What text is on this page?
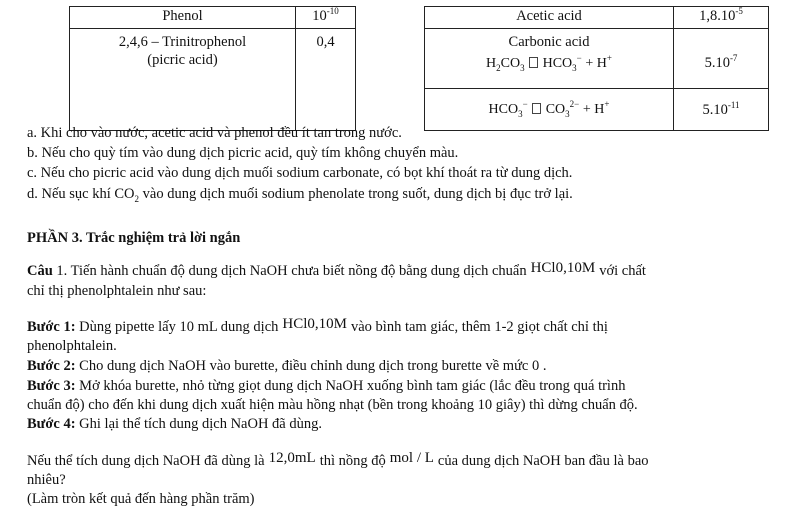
Phenol	$10^{-10}$

2,4,6 – Trinitrophenol
(picric acid)	0,4
Acetic acid	$1,8.10^{-5}$

Carbonic acid
$H_2CO_3$ $HCO_3^- + H^+$	$5.10^{-7}$

$HCO_3^-$ $CO_3^{2-} + H^+$	$5.10^{-11}$
a. Khi cho vào nước, acetic acid và phenol đều ít tan trong nước.
b. Nếu cho quỳ tím vào dung dịch picric acid, quỳ tím không chuyển màu.
c. Nếu cho picric acid vào dung dịch muối sodium carbonate, có bọt khí thoát ra từ dung dịch.
d. Nếu sục khí $CO_2$ vào dung dịch muối sodium phenolate trong suốt, dung dịch bị đục trở lại.
PHẦN 3. Trắc nghiệm trả lời ngắn
Câu 1. Tiến hành chuẩn độ dung dịch NaOH chưa biết nồng độ bằng dung dịch chuẩn HCl0,10M với chất
chỉ thị phenolphtalein như sau:
Bước 1: Dùng pipette lấy 10 mL dung dịch HCl0,10M vào bình tam giác, thêm 1-2 giọt chất chỉ thị
phenolphtalein.
Bước 2: Cho dung dịch NaOH vào burette, điều chỉnh dung dịch trong burette về mức 0 .
Bước 3: Mở khóa burette, nhỏ từng giọt dung dịch NaOH xuống bình tam giác (lắc đều trong quá trình
chuẩn độ) cho đến khi dung dịch xuất hiện màu hồng nhạt (bền trong khoảng 10 giây) thì dừng chuẩn độ.
Bước 4: Ghi lại thể tích dung dịch NaOH đã dùng.
Nếu thể tích dung dịch NaOH đã dùng là 12,0mL thì nồng độ mol / L của dung dịch NaOH ban đầu là bao
nhiêu?
(Làm tròn kết quả đến hàng phần trăm)
